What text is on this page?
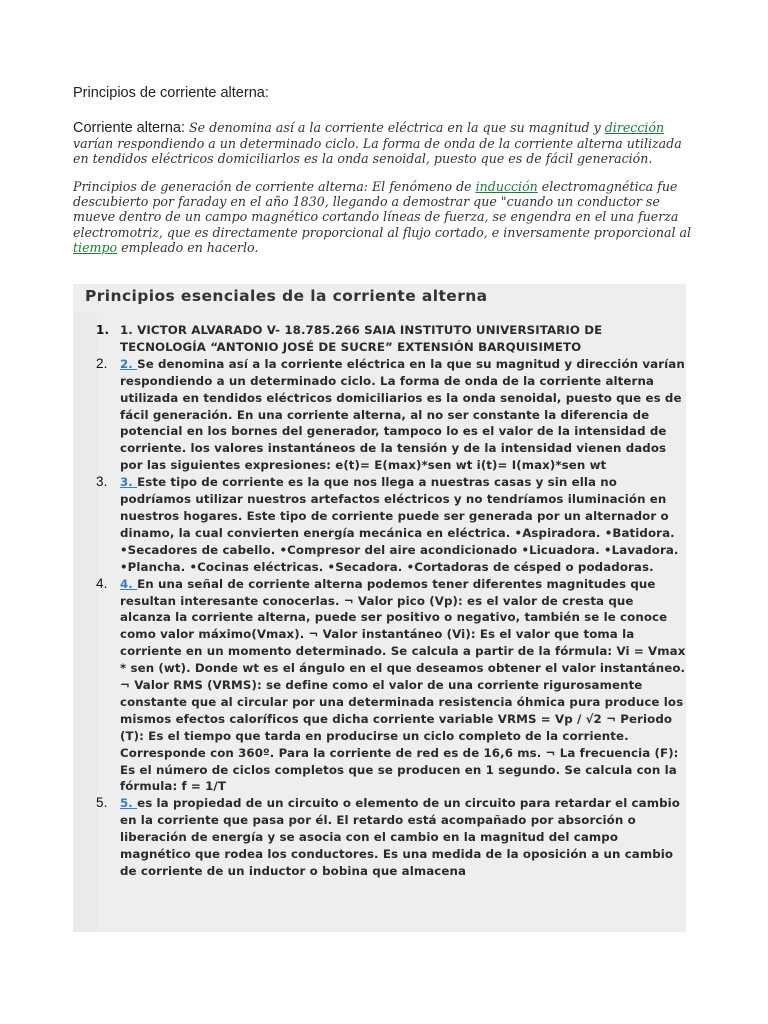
Principios de corriente alterna:
Corriente alterna: Se denomina así a la corriente eléctrica en la que su magnitud y dirección varían respondiendo a un determinado ciclo. La forma de onda de la corriente alterna utilizada en tendidos eléctricos domiciliarlos es la onda senoidal, puesto que es de fácil generación.
Principios de generación de corriente alterna: El fenómeno de inducción electromagnética fue descubierto por faraday en el año 1830, llegando a demostrar que "cuando un conductor se mueve dentro de un campo magnético cortando líneas de fuerza, se engendra en el una fuerza electromotriz, que es directamente proporcional al flujo cortado, e inversamente proporcional al tiempo empleado en hacerlo.
Principios esenciales de la corriente alterna
1. 1. VICTOR ALVARADO V- 18.785.266 SAIA INSTITUTO UNIVERSITARIO DE TECNOLOGÍA “ANTONIO JOSÉ DE SUCRE” EXTENSIÓN BARQUISIMETO
2. 2. Se denomina así a la corriente eléctrica en la que su magnitud y dirección varían respondiendo a un determinado ciclo. La forma de onda de la corriente alterna utilizada en tendidos eléctricos domiciliarios es la onda senoidal, puesto que es de fácil generación. En una corriente alterna, al no ser constante la diferencia de potencial en los bornes del generador, tampoco lo es el valor de la intensidad de corriente. los valores instantáneos de la tensión y de la intensidad vienen dados por las siguientes expresiones: e(t)= E(max)*sen wt i(t)= I(max)*sen wt
3. 3. Este tipo de corriente es la que nos llega a nuestras casas y sin ella no podríamos utilizar nuestros artefactos eléctricos y no tendríamos iluminación en nuestros hogares. Este tipo de corriente puede ser generada por un alternador o dinamo, la cual convierten energía mecánica en eléctrica. •Aspiradora. •Batidora. •Secadores de cabello. •Compresor del aire acondicionado •Licuadora. •Lavadora. •Plancha. •Cocinas eléctricas. •Secadora. •Cortadoras de césped o podadoras.
4. 4. En una señal de corriente alterna podemos tener diferentes magnitudes que resultan interesante conocerlas. ¬ Valor pico (Vp): es el valor de cresta que alcanza la corriente alterna, puede ser positivo o negativo, también se le conoce como valor máximo(Vmax). ¬ Valor instantáneo (Vi): Es el valor que toma la corriente en un momento determinado. Se calcula a partir de la fórmula: Vi = Vmax * sen (wt). Donde wt es el ángulo en el que deseamos obtener el valor instantáneo. ¬ Valor RMS (VRMS): se define como el valor de una corriente rigurosamente constante que al circular por una determinada resistencia óhmica pura produce los mismos efectos caloríficos que dicha corriente variable VRMS = Vp / √2 ¬ Periodo (T): Es el tiempo que tarda en producirse un ciclo completo de la corriente. Corresponde con 360º. Para la corriente de red es de 16,6 ms. ¬ La frecuencia (F): Es el número de ciclos completos que se producen en 1 segundo. Se calcula con la fórmula: f = 1/T
5. 5. es la propiedad de un circuito o elemento de un circuito para retardar el cambio en la corriente que pasa por él. El retardo está acompañado por absorción o liberación de energía y se asocia con el cambio en la magnitud del campo magnético que rodea los conductores. Es una medida de la oposición a un cambio de corriente de un inductor o bobina que almacena
